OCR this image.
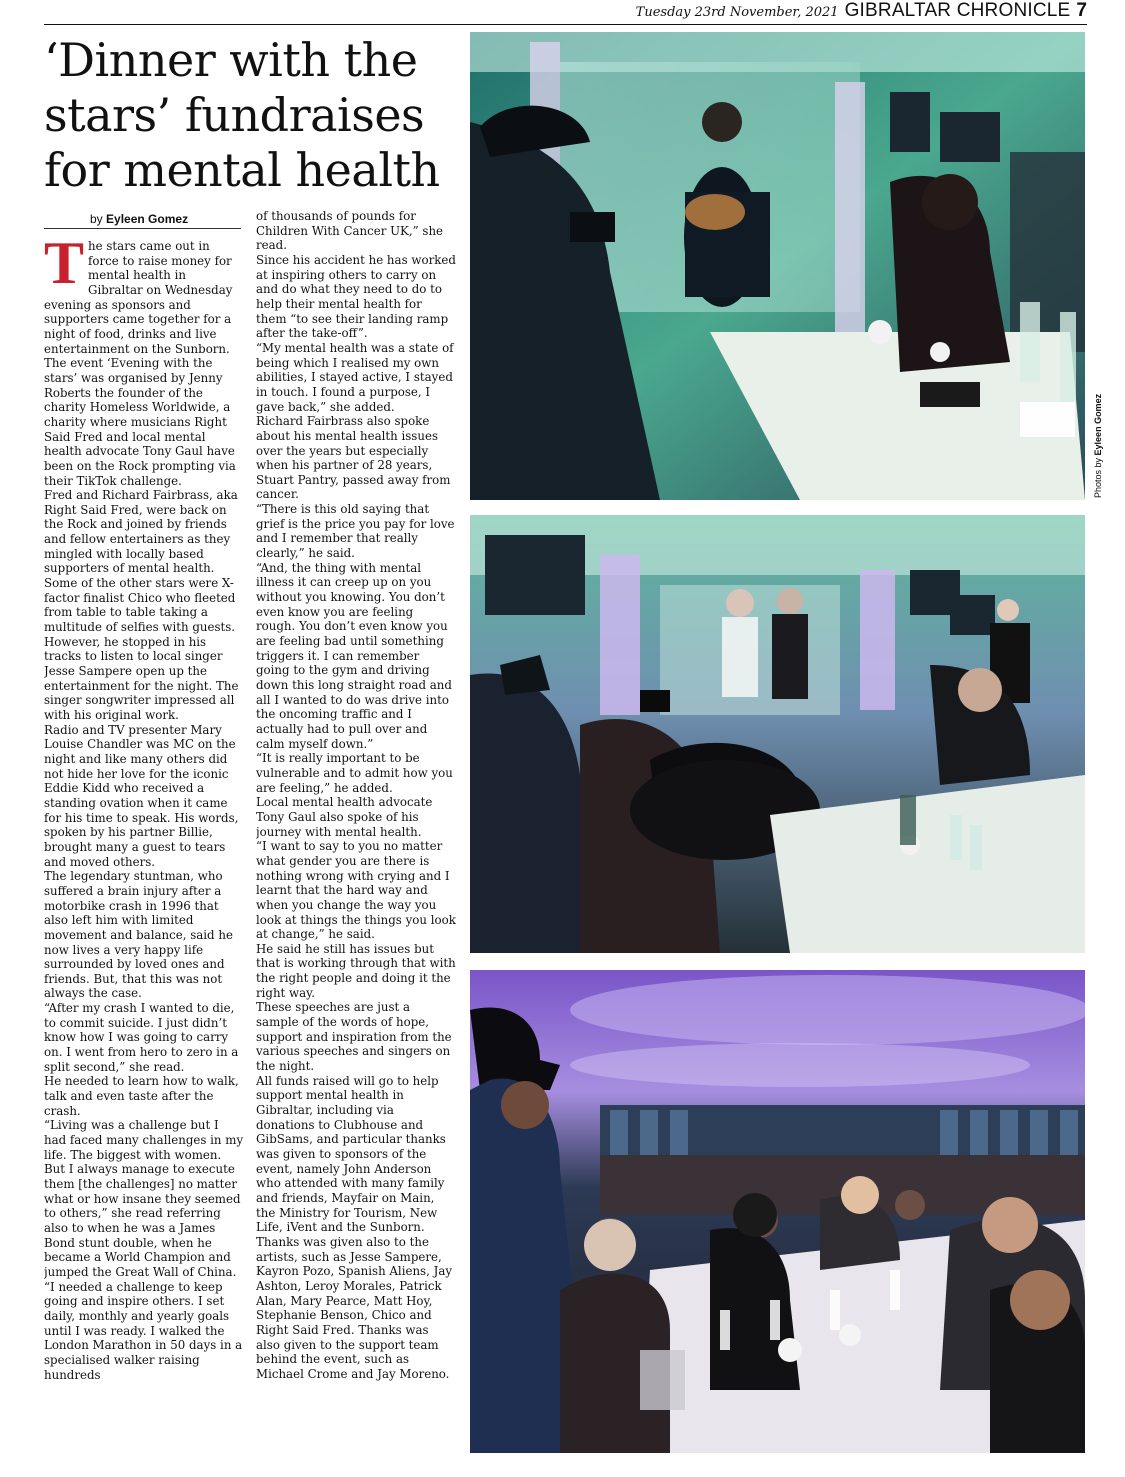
Tuesday 23rd November, 2021 GIBRALTAR CHRONICLE 7
‘Dinner with the stars’ fundraises for mental health
by Eyleen Gomez

The stars came out in force to raise money for mental health in Gibraltar on Wednesday evening as sponsors and supporters came together for a night of food, drinks and live entertainment on the Sunborn.

The event ‘Evening with the stars’ was organised by Jenny Roberts the founder of the charity Homeless Worldwide, a charity where musicians Right Said Fred and local mental health advocate Tony Gaul have been on the Rock prompting via their TikTok challenge.

Fred and Richard Fairbrass, aka Right Said Fred, were back on the Rock and joined by friends and fellow entertainers as they mingled with locally based supporters of mental health. Some of the other stars were X-factor finalist Chico who fleeted from table to table taking a multitude of selfies with guests. However, he stopped in his tracks to listen to local singer Jesse Sampere open up the entertainment for the night. The singer songwriter impressed all with his original work.

Radio and TV presenter Mary Louise Chandler was MC on the night and like many others did not hide her love for the iconic Eddie Kidd who received a standing ovation when it came for his time to speak. His words, spoken by his partner Billie, brought many a guest to tears and moved others.

The legendary stuntman, who suffered a brain injury after a motorbike crash in 1996 that also left him with limited movement and balance, said he now lives a very happy life surrounded by loved ones and friends. But, that this was not always the case.

“After my crash I wanted to die, to commit suicide. I just didn’t know how I was going to carry on. I went from hero to zero in a split second,” she read.

He needed to learn how to walk, talk and even taste after the crash.

“Living was a challenge but I had faced many challenges in my life. The biggest with women. But I always manage to execute them [the challenges] no matter what or how insane they seemed to others,” she read referring also to when he was a James Bond stunt double, when he became a World Champion and jumped the Great Wall of China.

“I needed a challenge to keep going and inspire others. I set daily, monthly and yearly goals until I was ready. I walked the London Marathon in 50 days in a specialised walker raising hundreds

of thousands of pounds for Children With Cancer UK,” she read.

Since his accident he has worked at inspiring others to carry on and do what they need to do to help their mental health for them “to see their landing ramp after the take-off”.

“My mental health was a state of being which I realised my own abilities, I stayed active, I stayed in touch. I found a purpose, I gave back,” she added.

Richard Fairbrass also spoke about his mental health issues over the years but especially when his partner of 28 years, Stuart Pantry, passed away from cancer.

“There is this old saying that grief is the price you pay for love and I remember that really clearly,” he said.

“And, the thing with mental illness it can creep up on you without you knowing. You don’t even know you are feeling rough. You don’t even know you are feeling bad until something triggers it. I can remember going to the gym and driving down this long straight road and all I wanted to do was drive into the oncoming traffic and I actually had to pull over and calm myself down.”

“It is really important to be vulnerable and to admit how you are feeling,” he added.

Local mental health advocate Tony Gaul also spoke of his journey with mental health.

“I want to say to you no matter what gender you are there is nothing wrong with crying and I learnt that the hard way and when you change the way you look at things the things you look at change,” he said.

He said he still has issues but that is working through that with the right people and doing it the right way.

These speeches are just a sample of the words of hope, support and inspiration from the various speeches and singers on the night.

All funds raised will go to help support mental health in Gibraltar, including via donations to Clubhouse and GibSams, and particular thanks was given to sponsors of the event, namely John Anderson who attended with many family and friends, Mayfair on Main, the Ministry for Tourism, New Life, iVent and the Sunborn. Thanks was given also to the artists, such as Jesse Sampere, Kayron Pozo, Spanish Aliens, Jay Ashton, Leroy Morales, Patrick Alan, Mary Pearce, Matt Hoy, Stephanie Benson, Chico and Right Said Fred. Thanks was also given to the support team behind the event, such as Michael Crome and Jay Moreno.

Photos by Eyleen Gomez
